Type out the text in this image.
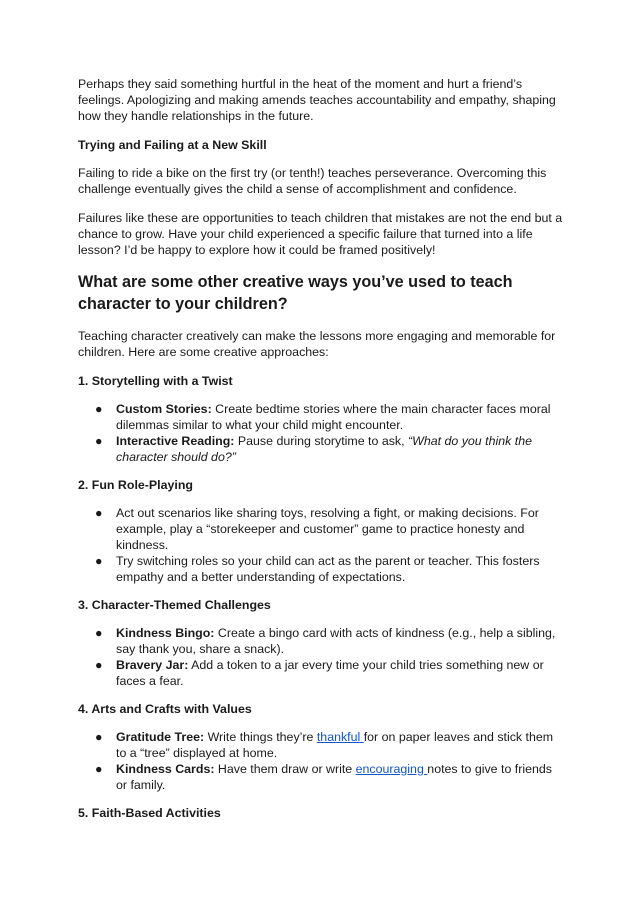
Perhaps they said something hurtful in the heat of the moment and hurt a friend’s feelings. Apologizing and making amends teaches accountability and empathy, shaping how they handle relationships in the future.

Trying and Failing at a New Skill

Failing to ride a bike on the first try (or tenth!) teaches perseverance. Overcoming this challenge eventually gives the child a sense of accomplishment and confidence.

Failures like these are opportunities to teach children that mistakes are not the end but a chance to grow. Have your child experienced a specific failure that turned into a life lesson? I’d be happy to explore how it could be framed positively!

What are some other creative ways you’ve used to teach character to your children?

Teaching character creatively can make the lessons more engaging and memorable for children. Here are some creative approaches:

1. Storytelling with a Twist
● Custom Stories: Create bedtime stories where the main character faces moral dilemmas similar to what your child might encounter.
● Interactive Reading: Pause during storytime to ask, “What do you think the character should do?”
2. Fun Role-Playing
● Act out scenarios like sharing toys, resolving a fight, or making decisions. For example, play a “storekeeper and customer” game to practice honesty and kindness.
● Try switching roles so your child can act as the parent or teacher. This fosters empathy and a better understanding of expectations.
3. Character-Themed Challenges
● Kindness Bingo: Create a bingo card with acts of kindness (e.g., help a sibling, say thank you, share a snack).
● Bravery Jar: Add a token to a jar every time your child tries something new or faces a fear.
4. Arts and Crafts with Values
● Gratitude Tree: Write things they’re thankful for on paper leaves and stick them to a “tree” displayed at home.
● Kindness Cards: Have them draw or write encouraging notes to give to friends or family.
5. Faith-Based Activities
